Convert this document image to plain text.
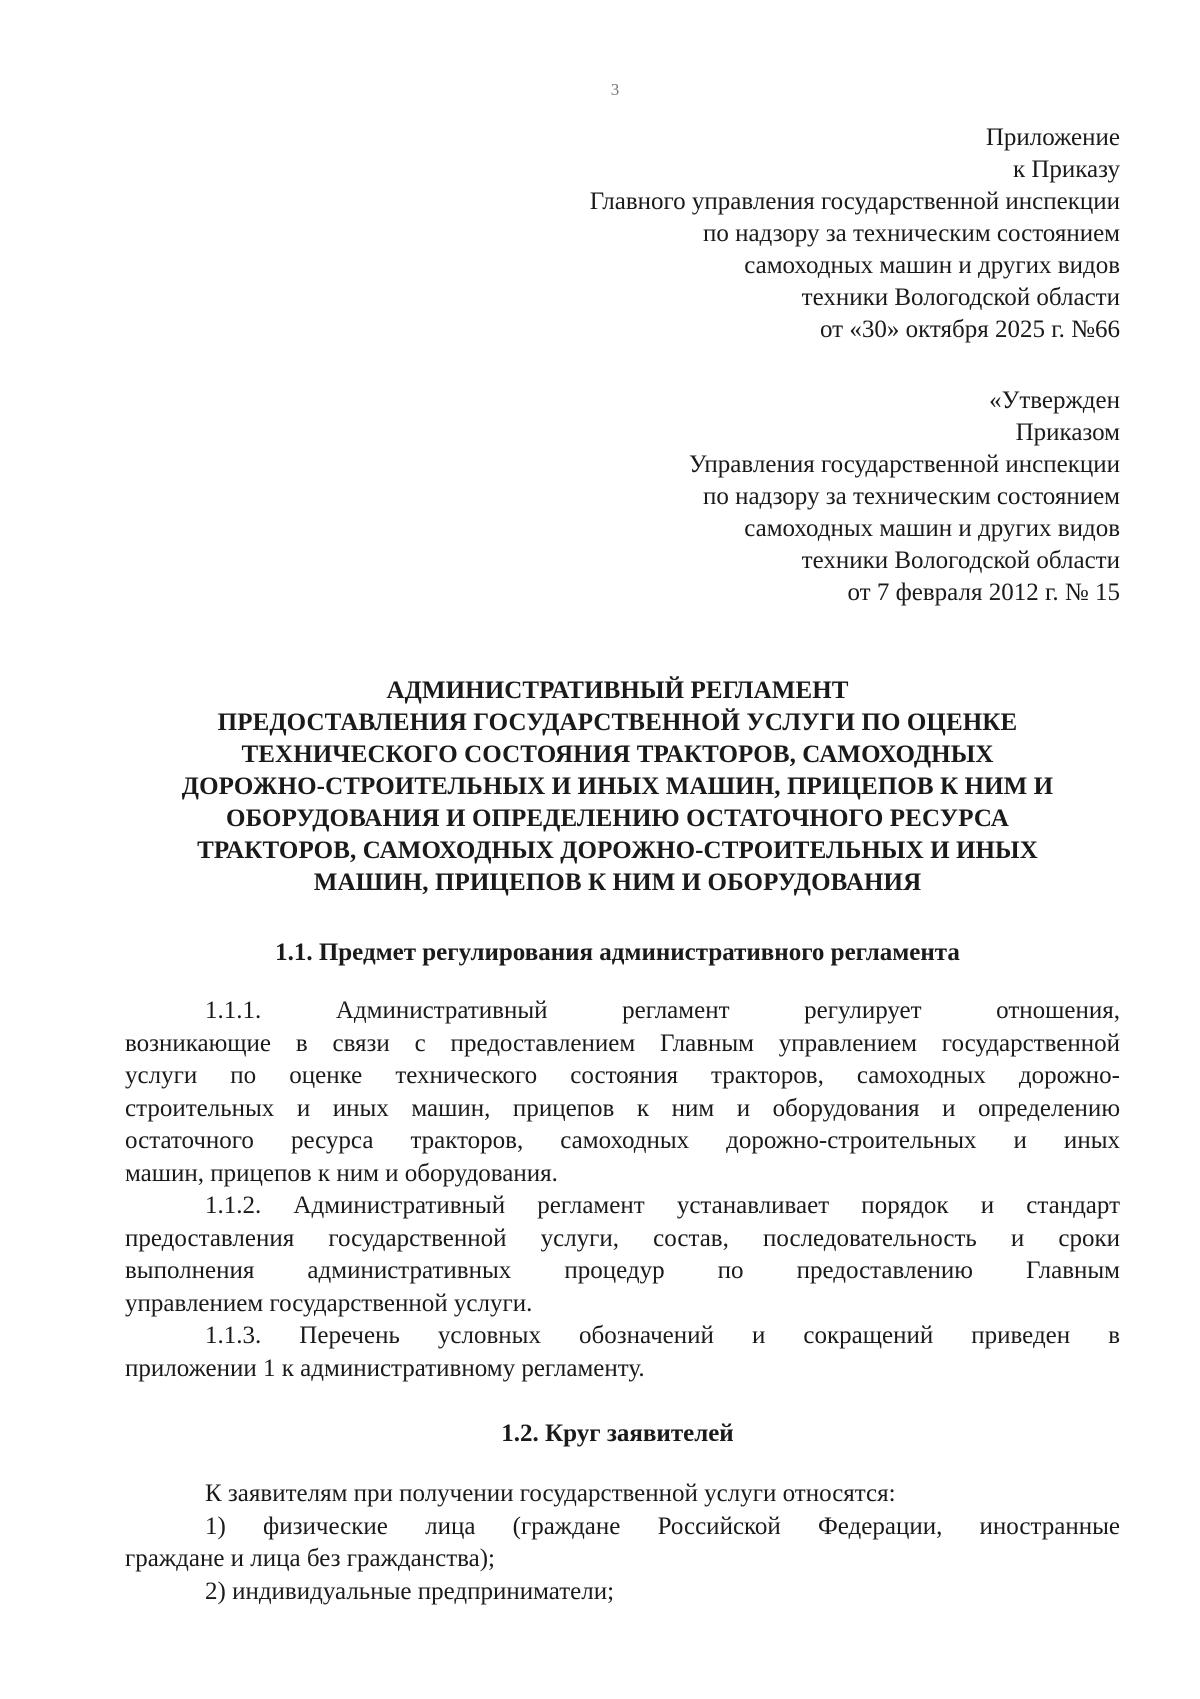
3
Приложение
к Приказу
Главного управления государственной инспекции
по надзору за техническим состоянием
самоходных машин и других видов
техники Вологодской области
от «30» октября 2025 г. №66
«Утвержден
Приказом
Управления государственной инспекции
по надзору за техническим состоянием
самоходных машин и других видов
техники Вологодской области
от 7 февраля 2012 г. № 15
АДМИНИСТРАТИВНЫЙ РЕГЛАМЕНТ
ПРЕДОСТАВЛЕНИЯ ГОСУДАРСТВЕННОЙ УСЛУГИ ПО ОЦЕНКЕ
ТЕХНИЧЕСКОГО СОСТОЯНИЯ ТРАКТОРОВ, САМОХОДНЫХ
ДОРОЖНО-СТРОИТЕЛЬНЫХ И ИНЫХ МАШИН, ПРИЦЕПОВ К НИМ И
ОБОРУДОВАНИЯ И ОПРЕДЕЛЕНИЮ ОСТАТОЧНОГО РЕСУРСА
ТРАКТОРОВ, САМОХОДНЫХ ДОРОЖНО-СТРОИТЕЛЬНЫХ И ИНЫХ
МАШИН, ПРИЦЕПОВ К НИМ И ОБОРУДОВАНИЯ
1.1. Предмет регулирования административного регламента
1.1.1. Административный регламент регулирует отношения,
возникающие в связи с предоставлением Главным управлением государственной
услуги по оценке технического состояния тракторов, самоходных дорожно-
строительных и иных машин, прицепов к ним и оборудования и определению
остаточного ресурса тракторов, самоходных дорожно-строительных и иных
машин, прицепов к ним и оборудования.
1.1.2. Административный регламент устанавливает порядок и стандарт
предоставления государственной услуги, состав, последовательность и сроки
выполнения административных процедур по предоставлению Главным
управлением государственной услуги.
1.1.3. Перечень условных обозначений и сокращений приведен в
приложении 1 к административному регламенту.
1.2. Круг заявителей
К заявителям при получении государственной услуги относятся:
1) физические лица (граждане Российской Федерации, иностранные
граждане и лица без гражданства);
2) индивидуальные предприниматели;
